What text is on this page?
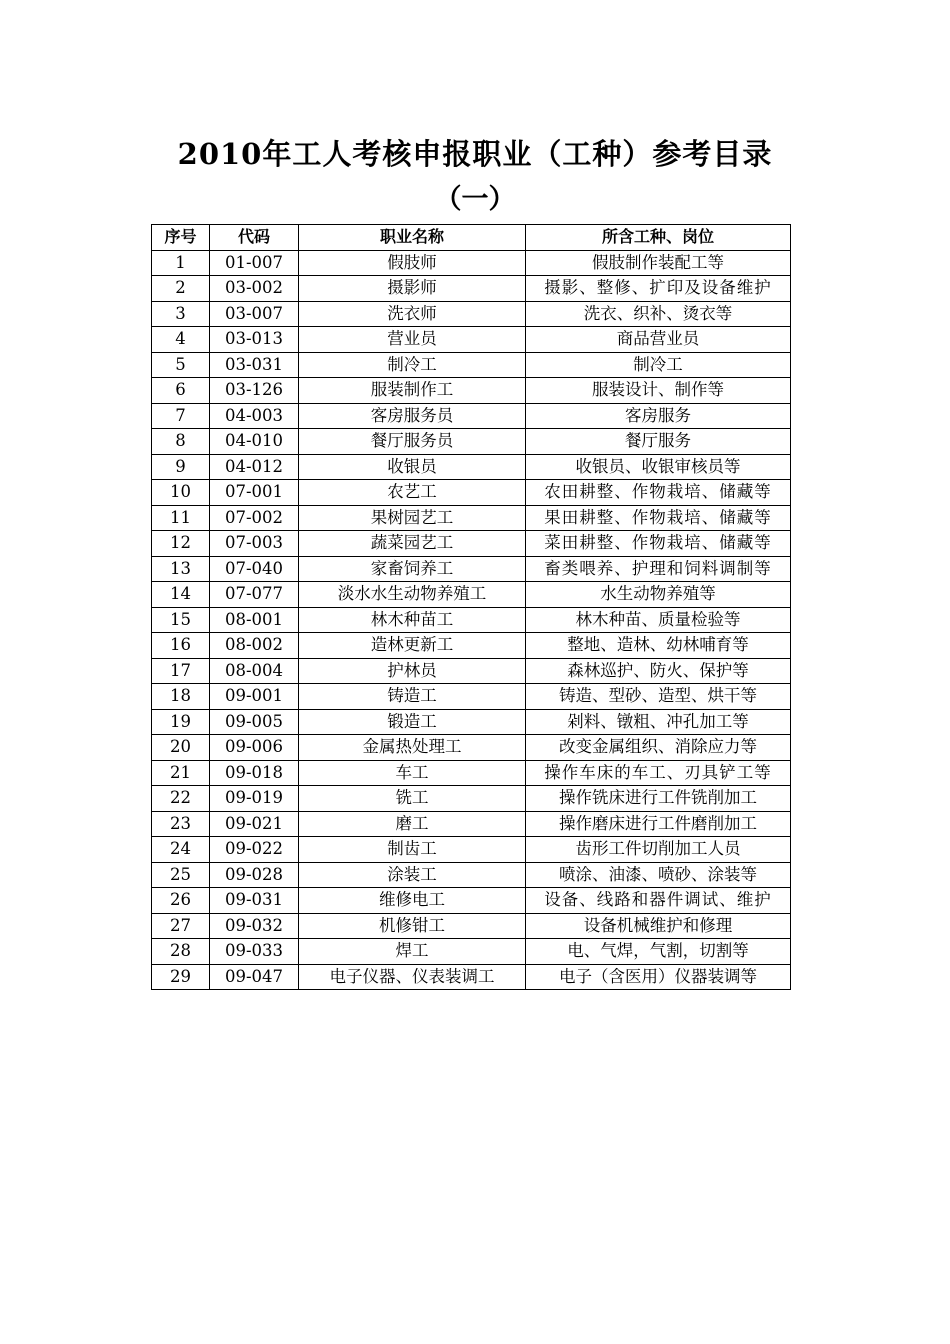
2010年工人考核申报职业（工种）参考目录
（一）
序号	代码	职业名称	所含工种、岗位
1	01-007	假肢师	假肢制作装配工等
2	03-002	摄影师	摄影、整修、扩印及设备维护
3	03-007	洗衣师	洗衣、织补、烫衣等
4	03-013	营业员	商品营业员
5	03-031	制冷工	制冷工
6	03-126	服装制作工	服装设计、制作等
7	04-003	客房服务员	客房服务
8	04-010	餐厅服务员	餐厅服务
9	04-012	收银员	收银员、收银审核员等
10	07-001	农艺工	农田耕整、作物栽培、储藏等
11	07-002	果树园艺工	果田耕整、作物栽培、储藏等
12	07-003	蔬菜园艺工	菜田耕整、作物栽培、储藏等
13	07-040	家畜饲养工	畜类喂养、护理和饲料调制等
14	07-077	淡水水生动物养殖工	水生动物养殖等
15	08-001	林木种苗工	林木种苗、质量检验等
16	08-002	造林更新工	整地、造林、幼林哺育等
17	08-004	护林员	森林巡护、防火、保护等
18	09-001	铸造工	铸造、型砂、造型、烘干等
19	09-005	锻造工	剁料、镦粗、冲孔加工等
20	09-006	金属热处理工	改变金属组织、消除应力等
21	09-018	车工	操作车床的车工、刃具铲工等
22	09-019	铣工	操作铣床进行工件铣削加工
23	09-021	磨工	操作磨床进行工件磨削加工
24	09-022	制齿工	齿形工件切削加工人员
25	09-028	涂装工	喷涂、油漆、喷砂、涂装等
26	09-031	维修电工	设备、线路和器件调试、维护
27	09-032	机修钳工	设备机械维护和修理
28	09-033	焊工	电、气焊，气割，切割等
29	09-047	电子仪器、仪表装调工	电子（含医用）仪器装调等
